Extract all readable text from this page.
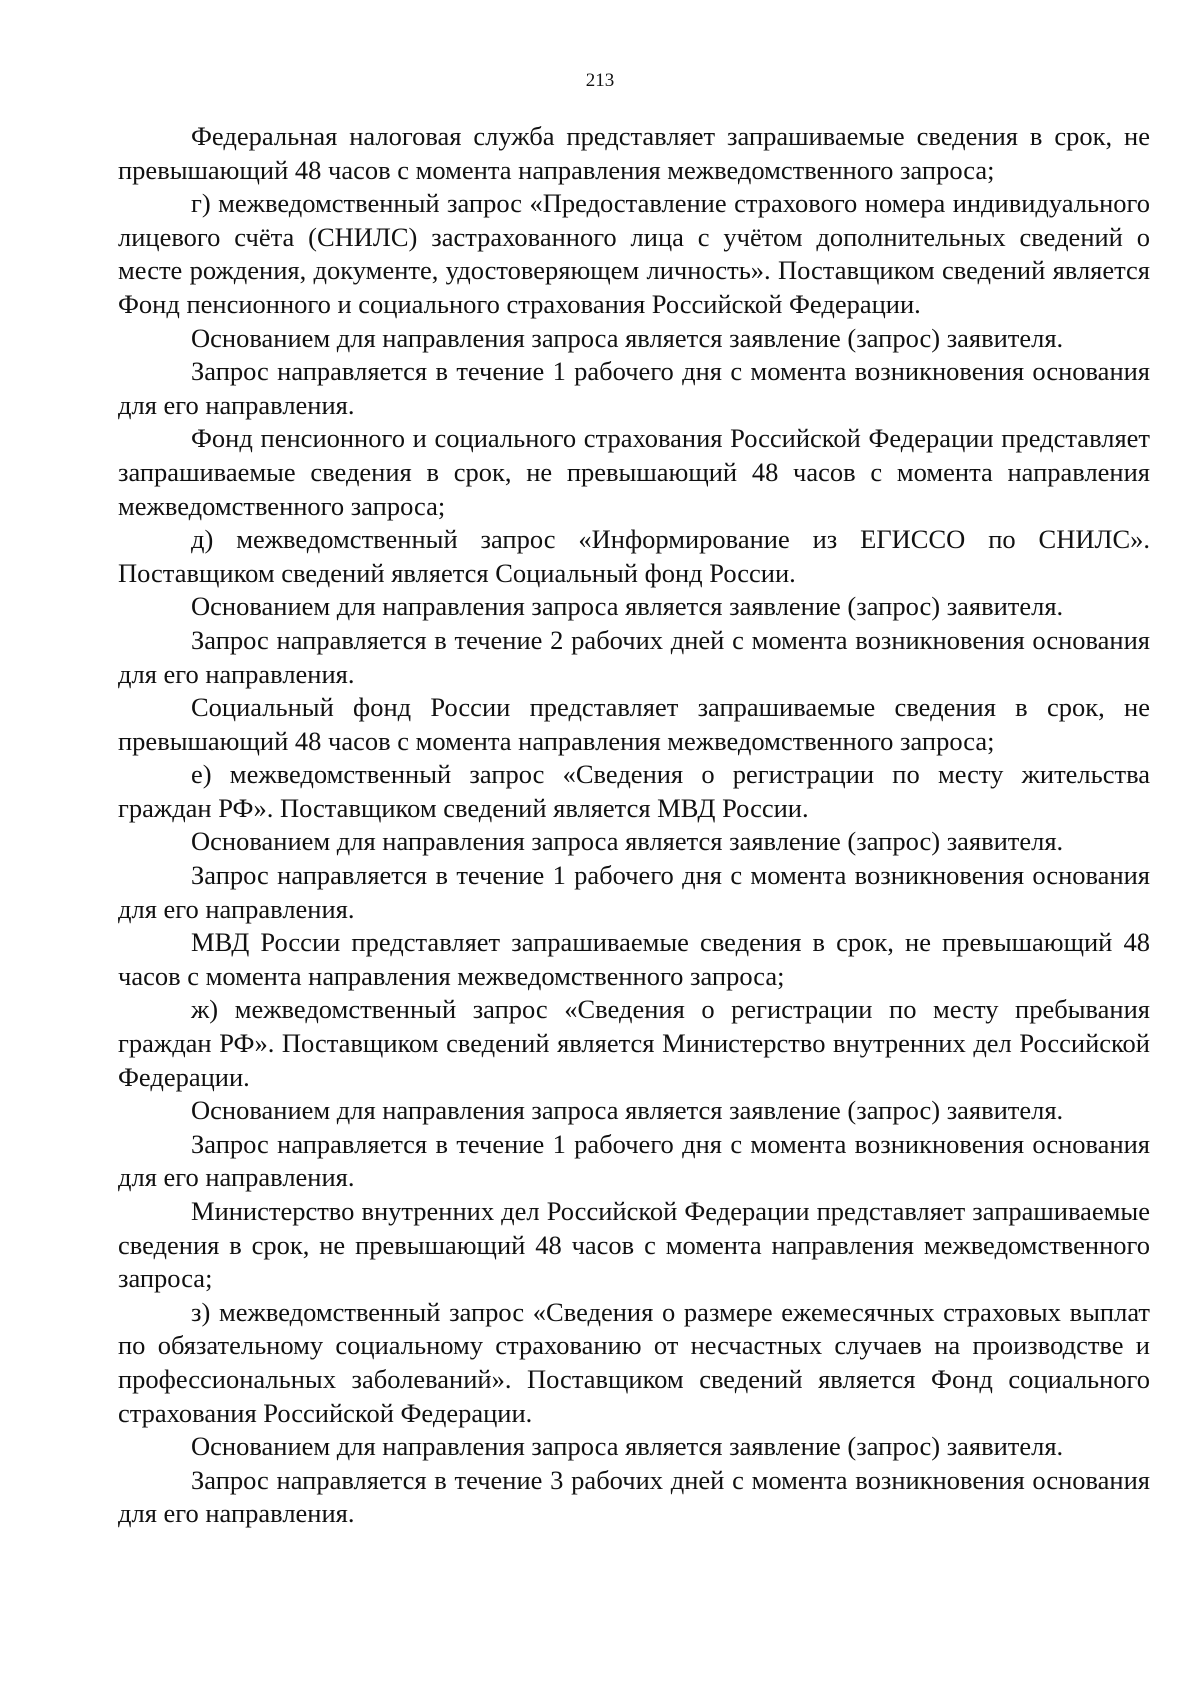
213

Федеральная налоговая служба представляет запрашиваемые сведения в срок, не превышающий 48 часов с момента направления межведомственного запроса;

г) межведомственный запрос «Предоставление страхового номера индивидуального лицевого счёта (СНИЛС) застрахованного лица с учётом дополнительных сведений о месте рождения, документе, удостоверяющем личность». Поставщиком сведений является Фонд пенсионного и социального страхования Российской Федерации.

Основанием для направления запроса является заявление (запрос) заявителя.

Запрос направляется в течение 1 рабочего дня с момента возникновения основания для его направления.

Фонд пенсионного и социального страхования Российской Федерации представляет запрашиваемые сведения в срок, не превышающий 48 часов с момента направления межведомственного запроса;

д) межведомственный запрос «Информирование из ЕГИССО по СНИЛС». Поставщиком сведений является Социальный фонд России.

Основанием для направления запроса является заявление (запрос) заявителя.

Запрос направляется в течение 2 рабочих дней с момента возникновения основания для его направления.

Социальный фонд России представляет запрашиваемые сведения в срок, не превышающий 48 часов с момента направления межведомственного запроса;

е) межведомственный запрос «Сведения о регистрации по месту жительства граждан РФ». Поставщиком сведений является МВД России.

Основанием для направления запроса является заявление (запрос) заявителя.

Запрос направляется в течение 1 рабочего дня с момента возникновения основания для его направления.

МВД России представляет запрашиваемые сведения в срок, не превышающий 48 часов с момента направления межведомственного запроса;

ж) межведомственный запрос «Сведения о регистрации по месту пребывания граждан РФ». Поставщиком сведений является Министерство внутренних дел Российской Федерации.

Основанием для направления запроса является заявление (запрос) заявителя.

Запрос направляется в течение 1 рабочего дня с момента возникновения основания для его направления.

Министерство внутренних дел Российской Федерации представляет запрашиваемые сведения в срок, не превышающий 48 часов с момента направления межведомственного запроса;

з) межведомственный запрос «Сведения о размере ежемесячных страховых выплат по обязательному социальному страхованию от несчастных случаев на производстве и профессиональных заболеваний». Поставщиком сведений является Фонд социального страхования Российской Федерации.

Основанием для направления запроса является заявление (запрос) заявителя.

Запрос направляется в течение 3 рабочих дней с момента возникновения основания для его направления.
